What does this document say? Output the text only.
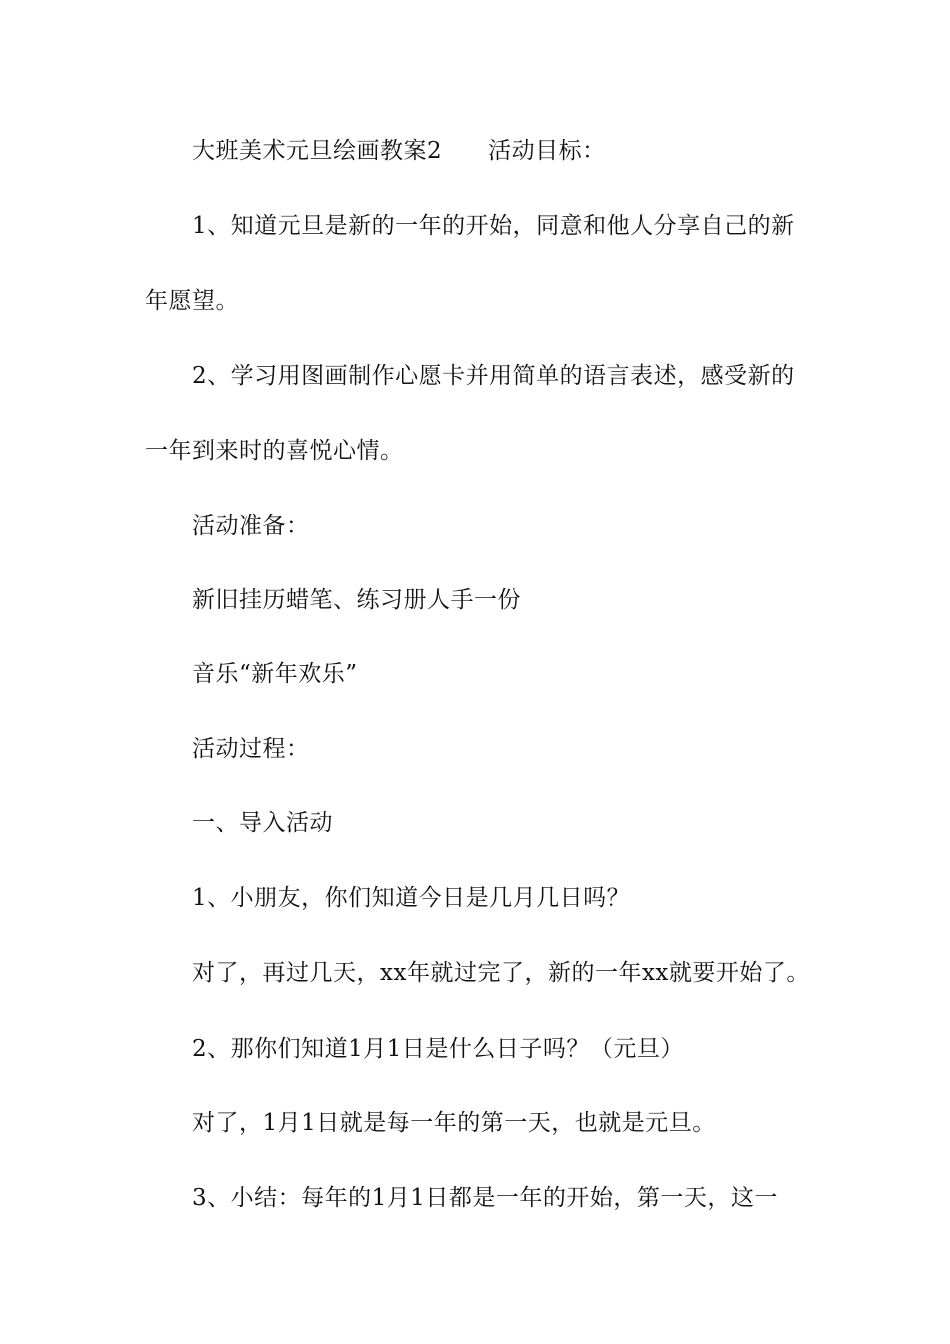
大班美术元旦绘画教案2 活动目标：
1、知道元旦是新的一年的开始，同意和他人分享自己的新
年愿望。
2、学习用图画制作心愿卡并用简单的语言表述，感受新的
一年到来时的喜悦心情。
活动准备：
新旧挂历蜡笔、练习册人手一份
音乐“新年欢乐”
活动过程：
一、导入活动
1、小朋友，你们知道今日是几月几日吗？
对了，再过几天，xx年就过完了，新的一年xx就要开始了。
2、那你们知道1月1日是什么日子吗？（元旦）
对了，1月1日就是每一年的第一天，也就是元旦。
3、小结：每年的1月1日都是一年的开始，第一天，这一
